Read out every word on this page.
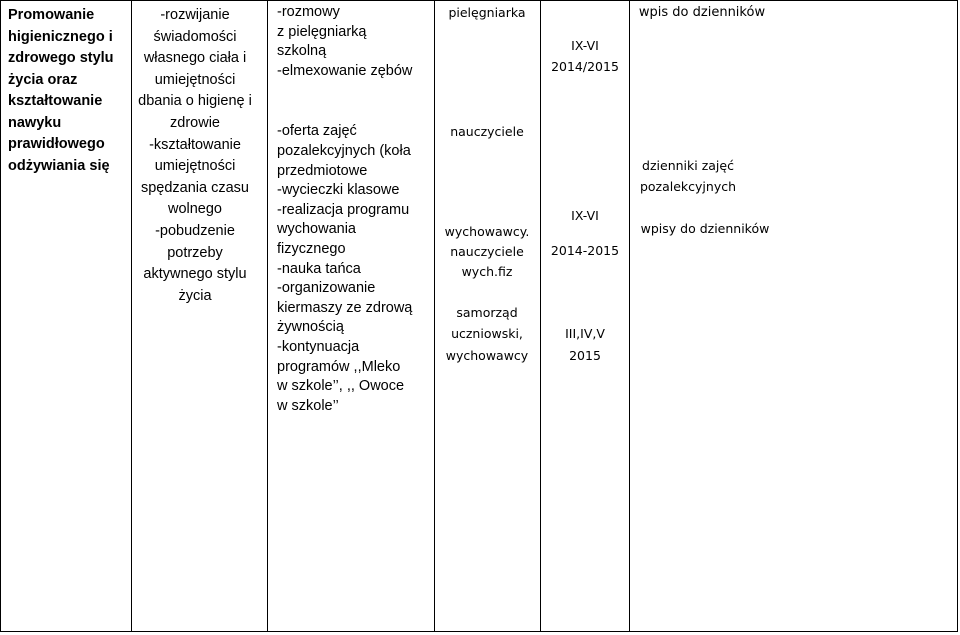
Promowanie
higienicznego i
zdrowego stylu
życia oraz
kształtowanie
nawyku
prawidłowego
odżywiania się
-rozwijanie
świadomości
własnego ciała i
umiejętności
dbania o higienę i
zdrowie
-kształtowanie
umiejętności
spędzania czasu
wolnego
-pobudzenie
potrzeby
aktywnego stylu
życia
-rozmowy
z pielęgniarką
szkolną
-elmexowanie zębów
-oferta zajęć
pozalekcyjnych (koła
przedmiotowe
-wycieczki klasowe
-realizacja programu
wychowania
fizycznego
-nauka tańca
-organizowanie
kiermaszy ze zdrową
żywnością
-kontynuacja
programów ,,Mleko
w szkole’’, ,, Owoce
w szkole’’
pielęgniarka
nauczyciele
wychowawcy.
nauczyciele
wych.fiz
samorząd
uczniowski,
wychowawcy
IX-VI
2014/2015
IX-VI
2014-2015
III,IV,V
2015
wpis do dzienników
dzienniki zajęć
pozalekcyjnych
wpisy do dzienników
